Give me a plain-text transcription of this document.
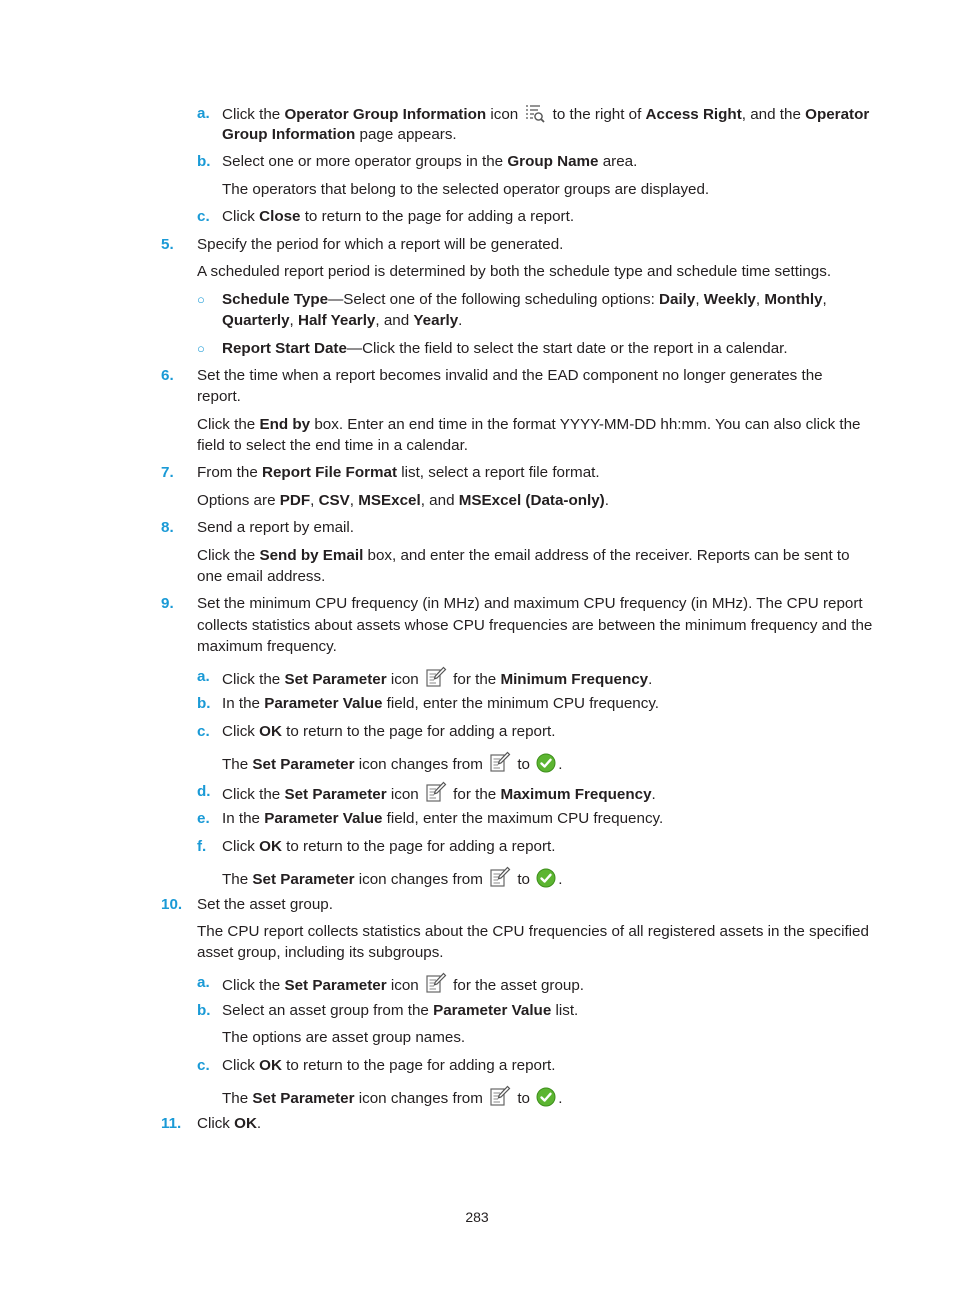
Click the Operator Group Information icon  to the right of Access Right, and the Operator
Group Information page appears.
Select one or more operator groups in the Group Name area.
The operators that belong to the selected operator groups are displayed.
Click Close to return to the page for adding a report.
Specify the period for which a report will be generated.
A scheduled report period is determined by both the schedule type and schedule time settings.
Schedule Type—Select one of the following scheduling options: Daily, Weekly, Monthly,
Quarterly, Half Yearly, and Yearly.
Report Start Date—Click the field to select the start date or the report in a calendar.
Set the time when a report becomes invalid and the EAD component no longer generates the
report.
Click the End by box. Enter an end time in the format YYYY-MM-DD hh:mm. You can also click the
field to select the end time in a calendar.
From the Report File Format list, select a report file format.
Options are PDF, CSV, MSExcel, and MSExcel (Data-only).
Send a report by email.
Click the Send by Email box, and enter the email address of the receiver. Reports can be sent to
one email address.
Set the minimum CPU frequency (in MHz) and maximum CPU frequency (in MHz). The CPU report
collects statistics about assets whose CPU frequencies are between the minimum frequency and the
maximum frequency.
Click the Set Parameter icon  for the Minimum Frequency.
In the Parameter Value field, enter the minimum CPU frequency.
Click OK to return to the page for adding a report.
The Set Parameter icon changes from  to .
Click the Set Parameter icon  for the Maximum Frequency.
In the Parameter Value field, enter the maximum CPU frequency.
Click OK to return to the page for adding a report.
The Set Parameter icon changes from  to .
Set the asset group.
The CPU report collects statistics about the CPU frequencies of all registered assets in the specified
asset group, including its subgroups.
Click the Set Parameter icon  for the asset group.
Select an asset group from the Parameter Value list.
The options are asset group names.
Click OK to return to the page for adding a report.
The Set Parameter icon changes from  to .
Click OK.
a.
b.
c.
5.
6.
7.
8.
9.
a.
b.
c.
d.
e.
f.
10.
a.
b.
c.
11.
○
○
283
